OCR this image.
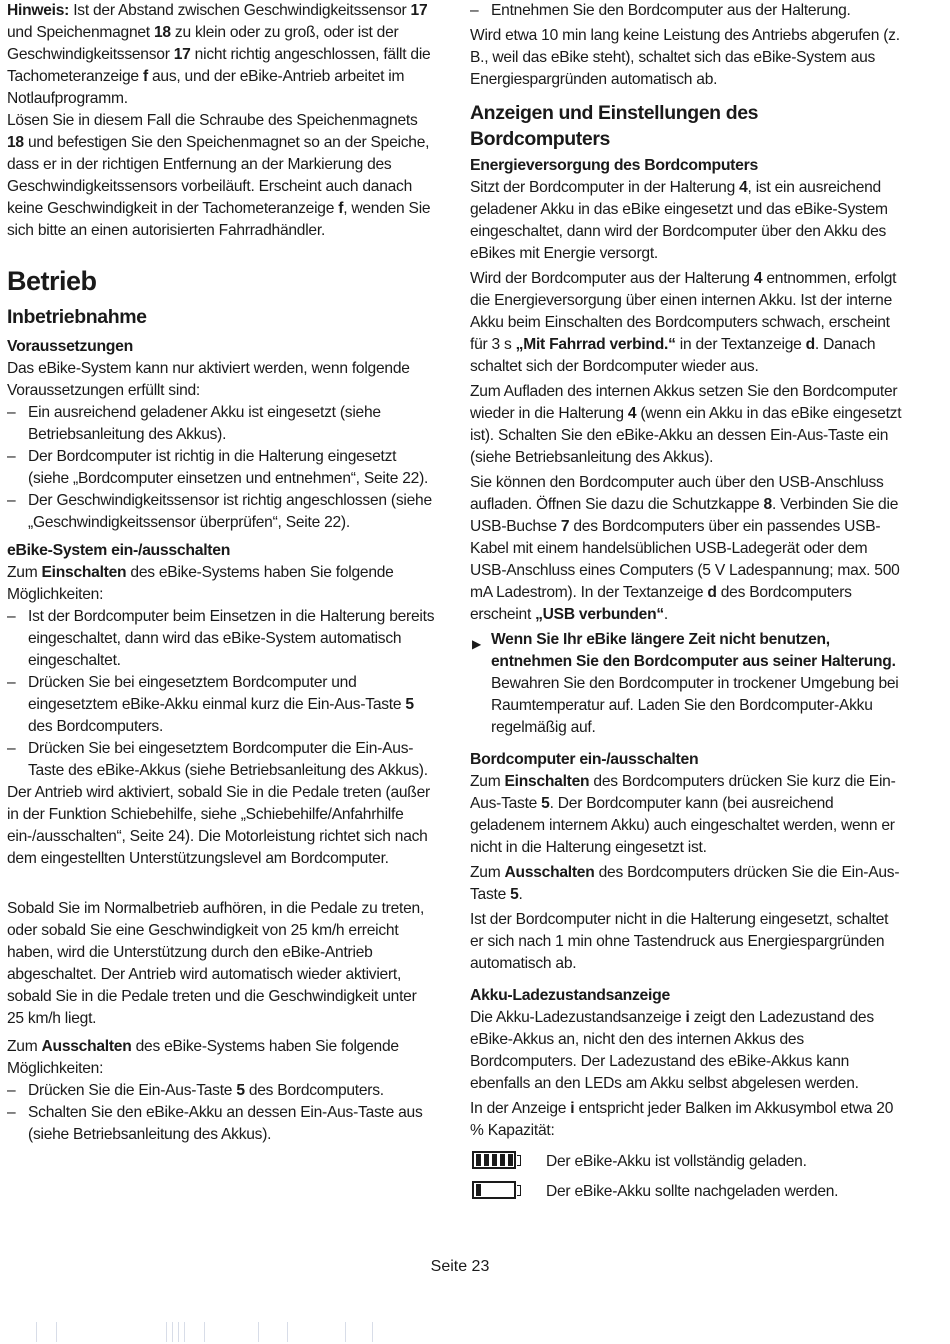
Hinweis: Ist der Abstand zwischen Geschwindigkeitssensor 17 und Speichenmagnet 18 zu klein oder zu groß, oder ist der Geschwindigkeitssensor 17 nicht richtig angeschlossen, fällt die Tachometeranzeige f aus, und der eBike-Antrieb arbeitet im Notlaufprogramm.

Lösen Sie in diesem Fall die Schraube des Speichenmagnets 18 und befestigen Sie den Speichenmagnet so an der Speiche, dass er in der richtigen Entfernung an der Markierung des Geschwindigkeitssensors vorbeiläuft. Erscheint auch danach keine Geschwindigkeit in der Tachometeranzeige f, wenden Sie sich bitte an einen autorisierten Fahrradhändler.

Betrieb
Inbetriebnahme
Voraussetzungen

Das eBike-System kann nur aktiviert werden, wenn folgende Voraussetzungen erfüllt sind:

– Ein ausreichend geladener Akku ist eingesetzt (siehe Betriebsanleitung des Akkus).

– Der Bordcomputer ist richtig in die Halterung eingesetzt (siehe „Bordcomputer einsetzen und entnehmen“, Seite 22).

– Der Geschwindigkeitssensor ist richtig angeschlossen (siehe „Geschwindigkeitssensor überprüfen“, Seite 22).

eBike-System ein-/ausschalten

Zum Einschalten des eBike-Systems haben Sie folgende Möglichkeiten:

– Ist der Bordcomputer beim Einsetzen in die Halterung bereits eingeschaltet, dann wird das eBike-System automatisch eingeschaltet.

– Drücken Sie bei eingesetztem Bordcomputer und eingesetztem eBike-Akku einmal kurz die Ein-Aus-Taste 5 des Bordcomputers.

– Drücken Sie bei eingesetztem Bordcomputer die Ein-Aus-Taste des eBike-Akkus (siehe Betriebsanleitung des Akkus).

Der Antrieb wird aktiviert, sobald Sie in die Pedale treten (außer in der Funktion Schiebehilfe, siehe „Schiebehilfe/Anfahrhilfe ein-/ausschalten“, Seite 24). Die Motorleistung richtet sich nach dem eingestellten Unterstützungslevel am Bordcomputer.

Sobald Sie im Normalbetrieb aufhören, in die Pedale zu treten, oder sobald Sie eine Geschwindigkeit von 25 km/h erreicht haben, wird die Unterstützung durch den eBike-Antrieb abgeschaltet. Der Antrieb wird automatisch wieder aktiviert, sobald Sie in die Pedale treten und die Geschwindigkeit unter 25 km/h liegt.

Zum Ausschalten des eBike-Systems haben Sie folgende Möglichkeiten:

– Drücken Sie die Ein-Aus-Taste 5 des Bordcomputers.

– Schalten Sie den eBike-Akku an dessen Ein-Aus-Taste aus (siehe Betriebsanleitung des Akkus).

– Entnehmen Sie den Bordcomputer aus der Halterung.

Wird etwa 10 min lang keine Leistung des Antriebs abgerufen (z. B., weil das eBike steht), schaltet sich das eBike-System aus Energiespargründen automatisch ab.

Anzeigen und Einstellungen des Bordcomputers
Energieversorgung des Bordcomputers

Sitzt der Bordcomputer in der Halterung 4, ist ein ausreichend geladener Akku in das eBike eingesetzt und das eBike-System eingeschaltet, dann wird der Bordcomputer über den Akku des eBikes mit Energie versorgt.

Wird der Bordcomputer aus der Halterung 4 entnommen, erfolgt die Energieversorgung über einen internen Akku. Ist der interne Akku beim Einschalten des Bordcomputers schwach, erscheint für 3 s „Mit Fahrrad verbind.“ in der Textanzeige d. Danach schaltet sich der Bordcomputer wieder aus.

Zum Aufladen des internen Akkus setzen Sie den Bordcomputer wieder in die Halterung 4 (wenn ein Akku in das eBike eingesetzt ist). Schalten Sie den eBike-Akku an dessen Ein-Aus-Taste ein (siehe Betriebsanleitung des Akkus).

Sie können den Bordcomputer auch über den USB-Anschluss aufladen. Öffnen Sie dazu die Schutzkappe 8. Verbinden Sie die USB-Buchse 7 des Bordcomputers über ein passendes USB-Kabel mit einem handelsüblichen USB-Ladegerät oder dem USB-Anschluss eines Computers (5 V Ladespannung; max. 500 mA Ladestrom). In der Textanzeige d des Bordcomputers erscheint „USB verbunden“.

▶ Wenn Sie Ihr eBike längere Zeit nicht benutzen, entnehmen Sie den Bordcomputer aus seiner Halterung. Bewahren Sie den Bordcomputer in trockener Umgebung bei Raumtemperatur auf. Laden Sie den Bordcomputer-Akku regelmäßig auf.

Bordcomputer ein-/ausschalten

Zum Einschalten des Bordcomputers drücken Sie kurz die Ein-Aus-Taste 5. Der Bordcomputer kann (bei ausreichend geladenem internem Akku) auch eingeschaltet werden, wenn er nicht in die Halterung eingesetzt ist.

Zum Ausschalten des Bordcomputers drücken Sie die Ein-Aus-Taste 5.

Ist der Bordcomputer nicht in die Halterung eingesetzt, schaltet er sich nach 1 min ohne Tastendruck aus Energiespargründen automatisch ab.

Akku-Ladezustandsanzeige

Die Akku-Ladezustandsanzeige i zeigt den Ladezustand des eBike-Akkus an, nicht den des internen Akkus des Bordcomputers. Der Ladezustand des eBike-Akkus kann ebenfalls an den LEDs am Akku selbst abgelesen werden.

In der Anzeige i entspricht jeder Balken im Akkusymbol etwa 20 % Kapazität:

Der eBike-Akku ist vollständig geladen.

Der eBike-Akku sollte nachgeladen werden.

Seite 23
